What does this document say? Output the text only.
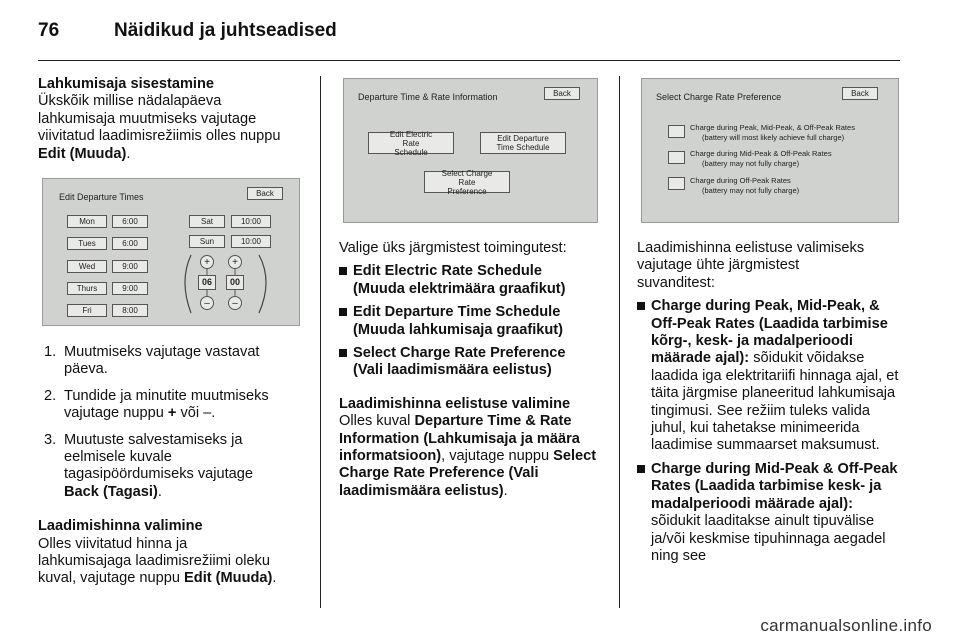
76	Näidikud ja juhtseadised

Lahkumisaja sisestamine

Ükskõik millise nädalapäeva
lahkumisaja muutmiseks vajutage
viivitatud laadimisrežiimis olles nuppu
Edit (Muuda).

Edit Departure Times	Back
Mon	6:00
Tues	6:00
Wed	9:00
Thurs	9:00
Fri	8:00
Sat	10:00
Sun	10:00
+	+
06	00
–	–
1. Muutmiseks vajutage vastavat
päeva.
2. Tundide ja minutite muutmiseks
vajutage nuppu + või –.
3. Muutuste salvestamiseks ja
eelmisele kuvale
tagasipöördumiseks vajutage
Back (Tagasi).

Laadimishinna valimine

Olles viivitatud hinna ja
lahkumisajaga laadimisrežiimi oleku
kuval, vajutage nuppu Edit (Muuda).

Departure Time & Rate Information	Back
Edit Electric Rate Schedule
Edit Departure Time Schedule
Select Charge Rate Preference

Valige üks järgmistest toimingutest:

Edit Electric Rate Schedule
(Muuda elektrimäära graafikut)
Edit Departure Time Schedule
(Muuda lahkumisaja graafikut)
Select Charge Rate Preference
(Vali laadimismäära eelistus)

Laadimishinna eelistuse valimine

Olles kuval Departure Time & Rate Information (Lahkumisaja ja määra informatsioon), vajutage nuppu Select Charge Rate Preference (Vali laadimismäära eelistus).

Select Charge Rate Preference	Back
Charge during Peak, Mid-Peak, & Off-Peak Rates
(battery will most likely achieve full charge)
Charge during Mid-Peak & Off-Peak Rates
(battery may not fully charge)
Charge during Off-Peak Rates
(battery may not fully charge)

Laadimishinna eelistuse valimiseks
vajutage ühte järgmistest
suvanditest:

Charge during Peak, Mid-Peak, & Off-Peak Rates (Laadida tarbimise kõrg-, kesk- ja madalperioodi määrade ajal): sõidukit võidakse laadida iga elektritariifi hinnaga ajal, et täita järgmise planeeritud lahkumisaja tingimusi. See režiim tuleks valida juhul, kui tahetakse minimeerida laadimise summaarset maksumust.
Charge during Mid-Peak & Off-Peak Rates (Laadida tarbimise kesk- ja madalperioodi määrade ajal): sõidukit laaditakse ainult tipuvälise ja/või keskmise tipuhinnaga aegadel ning see
carmanualsonline.info
